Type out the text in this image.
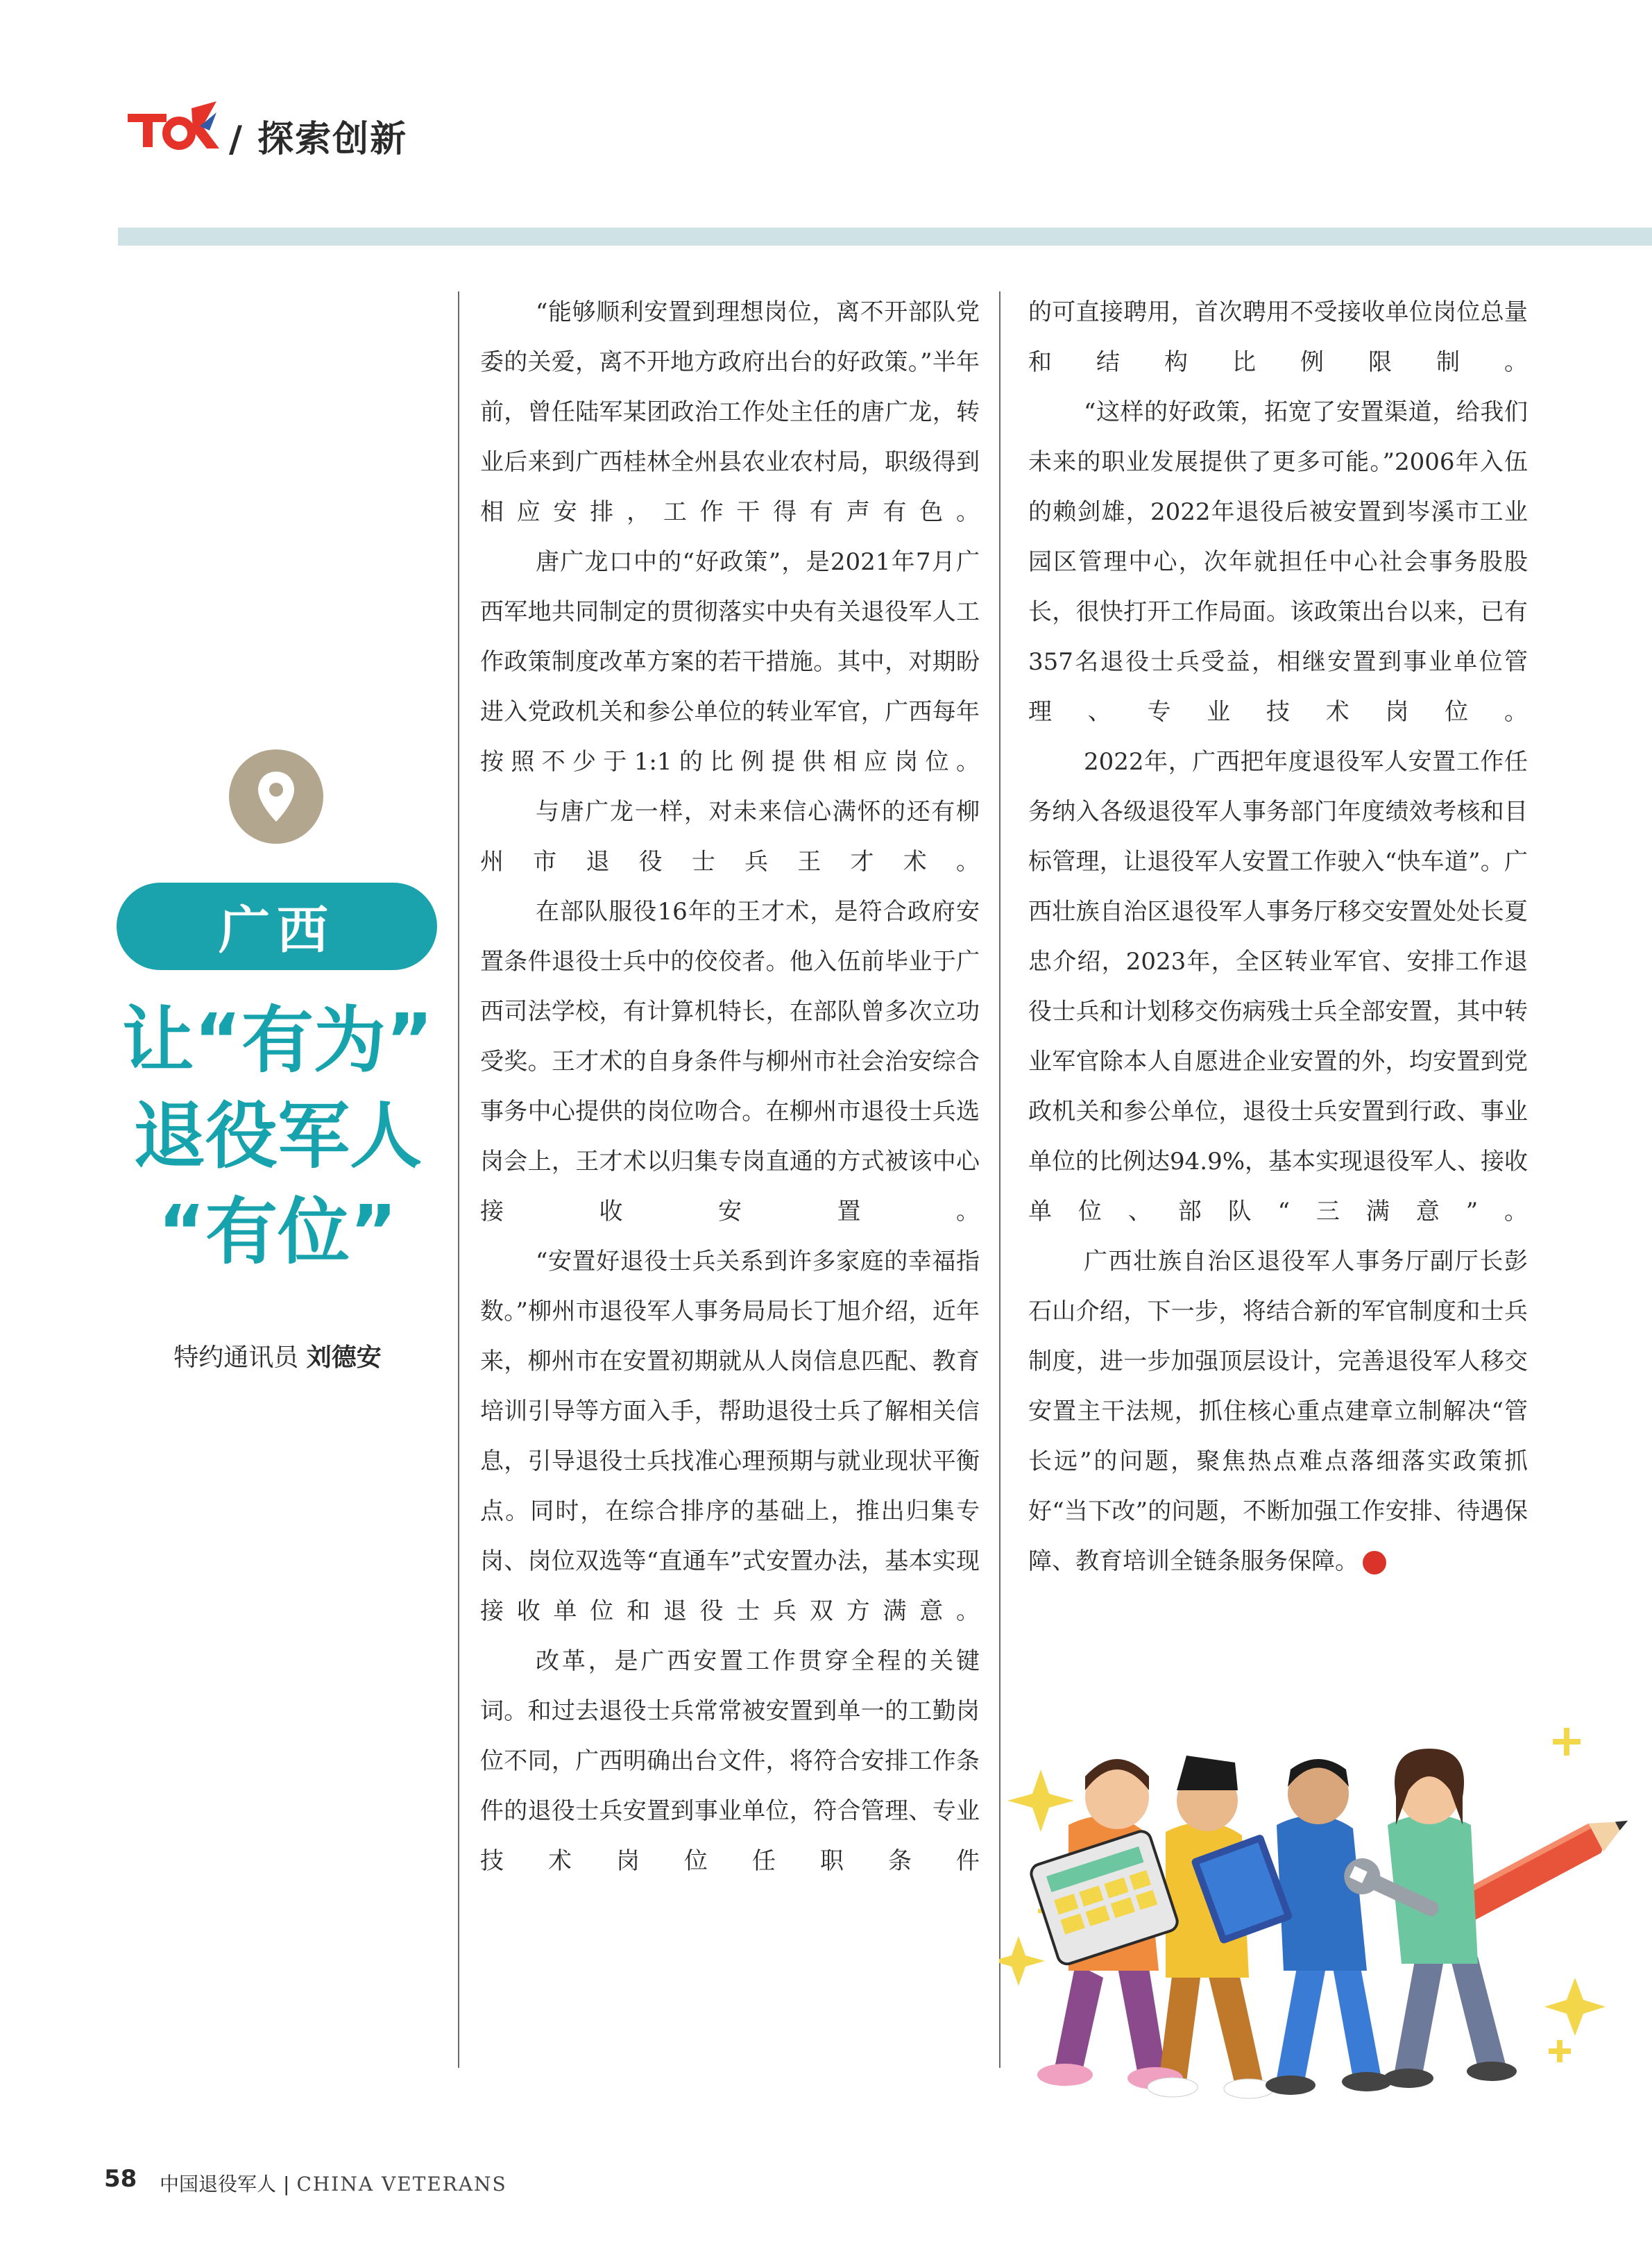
/ 探索创新
广西
让“有为”
退役军人
“有位”
特约通讯员 刘德安

“能够顺利安置到理想岗位，离不开部队党委的关爱，离不开地方政府出台的好政策。”半年前，曾任陆军某团政治工作处主任的唐广龙，转业后来到广西桂林全州县农业农村局，职级得到相应安排，工作干得有声有色。

唐广龙口中的“好政策”，是2021年7月广西军地共同制定的贯彻落实中央有关退役军人工作政策制度改革方案的若干措施。其中，对期盼进入党政机关和参公单位的转业军官，广西每年按照不少于1:1的比例提供相应岗位。

与唐广龙一样，对未来信心满怀的还有柳州市退役士兵王才术。

在部队服役16年的王才术，是符合政府安置条件退役士兵中的佼佼者。他入伍前毕业于广西司法学校，有计算机特长，在部队曾多次立功受奖。王才术的自身条件与柳州市社会治安综合事务中心提供的岗位吻合。在柳州市退役士兵选岗会上，王才术以归集专岗直通的方式被该中心接收安置。

“安置好退役士兵关系到许多家庭的幸福指数。”柳州市退役军人事务局局长丁旭介绍，近年来，柳州市在安置初期就从人岗信息匹配、教育培训引导等方面入手，帮助退役士兵了解相关信息，引导退役士兵找准心理预期与就业现状平衡点。同时，在综合排序的基础上，推出归集专岗、岗位双选等“直通车”式安置办法，基本实现接收单位和退役士兵双方满意。

改革，是广西安置工作贯穿全程的关键词。和过去退役士兵常常被安置到单一的工勤岗位不同，广西明确出台文件，将符合安排工作条件的退役士兵安置到事业单位，符合管理、专业技术岗位任职条件

的可直接聘用，首次聘用不受接收单位岗位总量和结构比例限制。

“这样的好政策，拓宽了安置渠道，给我们未来的职业发展提供了更多可能。”2006年入伍的赖剑雄，2022年退役后被安置到岑溪市工业园区管理中心，次年就担任中心社会事务股股长，很快打开工作局面。该政策出台以来，已有357名退役士兵受益，相继安置到事业单位管理、专业技术岗位。

2022年，广西把年度退役军人安置工作任务纳入各级退役军人事务部门年度绩效考核和目标管理，让退役军人安置工作驶入“快车道”。广西壮族自治区退役军人事务厅移交安置处处长夏忠介绍，2023年，全区转业军官、安排工作退役士兵和计划移交伤病残士兵全部安置，其中转业军官除本人自愿进企业安置的外，均安置到党政机关和参公单位，退役士兵安置到行政、事业单位的比例达94.9%，基本实现退役军人、接收单位、部队“三满意”。

广西壮族自治区退役军人事务厅副厅长彭石山介绍，下一步，将结合新的军官制度和士兵制度，进一步加强顶层设计，完善退役军人移交安置主干法规，抓住核心重点建章立制解决“管长远”的问题，聚焦热点难点落细落实政策抓好“当下改”的问题，不断加强工作安排、待遇保障、教育培训全链条服务保障。	V

58 中国退役军人 | CHINA VETERANS
